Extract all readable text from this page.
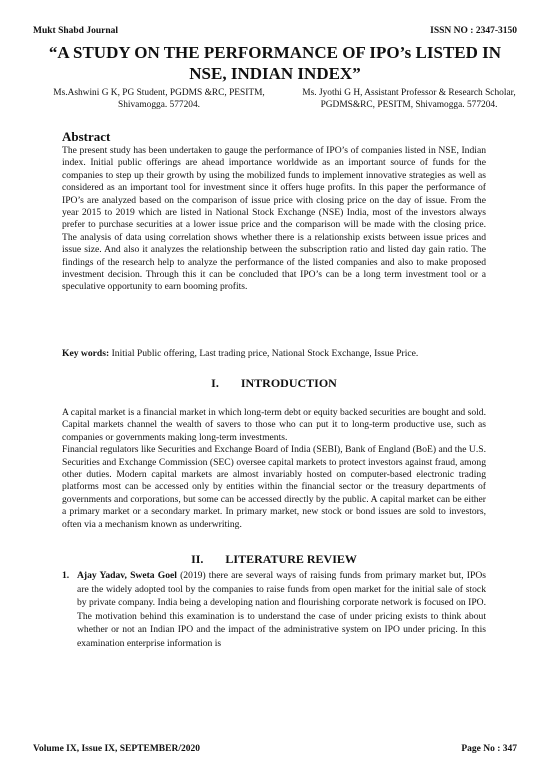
Mukt Shabd Journal	ISSN NO : 2347-3150
“A STUDY ON THE PERFORMANCE OF IPO’s LISTED IN NSE, INDIAN INDEX”
Ms.Ashwini G K, PG Student, PGDMS &RC, PESITM, Shivamogga. 577204.
Ms. Jyothi G H, Assistant Professor & Research Scholar, PGDMS&RC, PESITM, Shivamogga. 577204.
Abstract

The present study has been undertaken to gauge the performance of IPO’s of companies listed in NSE, Indian index. Initial public offerings are ahead importance worldwide as an important source of funds for the companies to step up their growth by using the mobilized funds to implement innovative strategies as well as considered as an important tool for investment since it offers huge profits. In this paper the performance of IPO’s are analyzed based on the comparison of issue price with closing price on the day of issue. From the year 2015 to 2019 which are listed in National Stock Exchange (NSE) India, most of the investors always prefer to purchase securities at a lower issue price and the comparison will be made with the closing price. The analysis of data using correlation shows whether there is a relationship exists between issue prices and issue size. And also it analyzes the relationship between the subscription ratio and listed day gain ratio. The findings of the research help to analyze the performance of the listed companies and also to make proposed investment decision. Through this it can be concluded that IPO’s can be a long term investment tool or a speculative opportunity to earn booming profits.

Key words: Initial Public offering, Last trading price, National Stock Exchange, Issue Price.

I. INTRODUCTION

A capital market is a financial market in which long-term debt or equity backed securities are bought and sold. Capital markets channel the wealth of savers to those who can put it to long-term productive use, such as companies or governments making long-term investments.

Financial regulators like Securities and Exchange Board of India (SEBI), Bank of England (BoE) and the U.S. Securities and Exchange Commission (SEC) oversee capital markets to protect investors against fraud, among other duties. Modern capital markets are almost invariably hosted on computer-based electronic trading platforms most can be accessed only by entities within the financial sector or the treasury departments of governments and corporations, but some can be accessed directly by the public. A capital market can be either a primary market or a secondary market. In primary market, new stock or bond issues are sold to investors, often via a mechanism known as underwriting.

II. LITERATURE REVIEW
1. Ajay Yadav, Sweta Goel (2019) there are several ways of raising funds from primary market but, IPOs are the widely adopted tool by the companies to raise funds from open market for the initial sale of stock by private company. India being a developing nation and flourishing corporate network is focused on IPO. The motivation behind this examination is to understand the case of under pricing exists to think about whether or not an Indian IPO and the impact of the administrative system on IPO under pricing. In this examination enterprise information is

Volume IX, Issue IX, SEPTEMBER/2020	Page No : 347
